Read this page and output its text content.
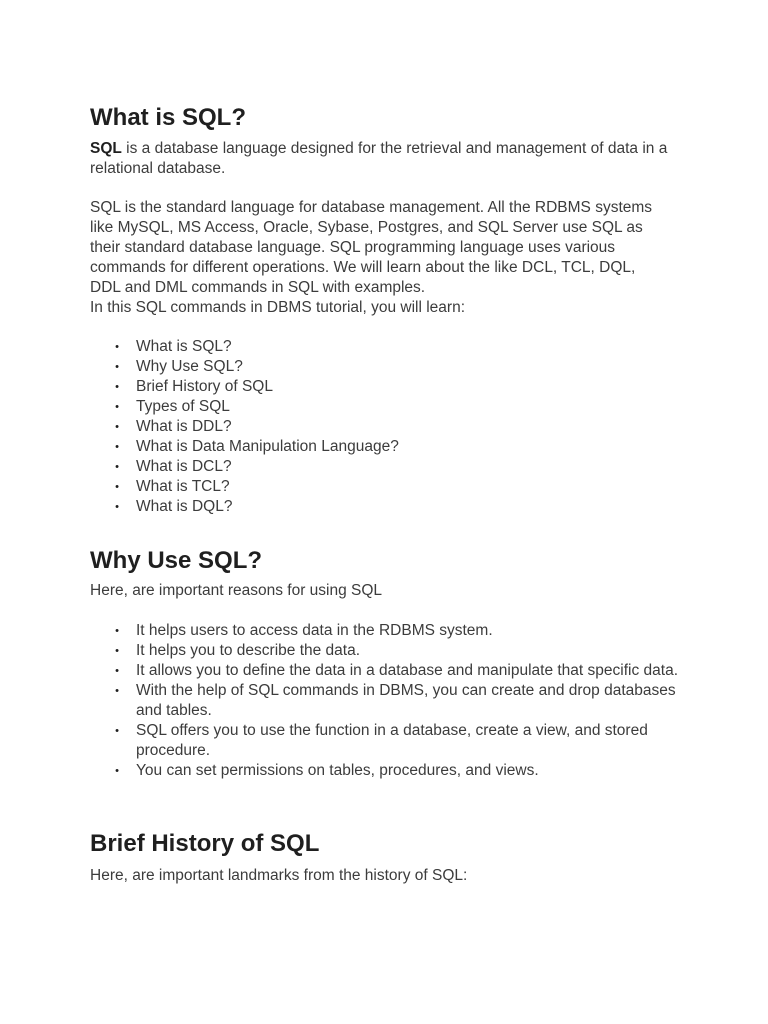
What is SQL?

SQL is a database language designed for the retrieval and management of data in a relational database.

SQL is the standard language for database management. All the RDBMS systems like MySQL, MS Access, Oracle, Sybase, Postgres, and SQL Server use SQL as their standard database language. SQL programming language uses various commands for different operations. We will learn about the like DCL, TCL, DQL, DDL and DML commands in SQL with examples.
In this SQL commands in DBMS tutorial, you will learn:

• What is SQL?
• Why Use SQL?
• Brief History of SQL
• Types of SQL
• What is DDL?
• What is Data Manipulation Language?
• What is DCL?
• What is TCL?
• What is DQL?
Why Use SQL?

Here, are important reasons for using SQL

• It helps users to access data in the RDBMS system.
• It helps you to describe the data.
• It allows you to define the data in a database and manipulate that specific data.
• With the help of SQL commands in DBMS, you can create and drop databases and tables.
• SQL offers you to use the function in a database, create a view, and stored procedure.
• You can set permissions on tables, procedures, and views.
Brief History of SQL

Here, are important landmarks from the history of SQL:
